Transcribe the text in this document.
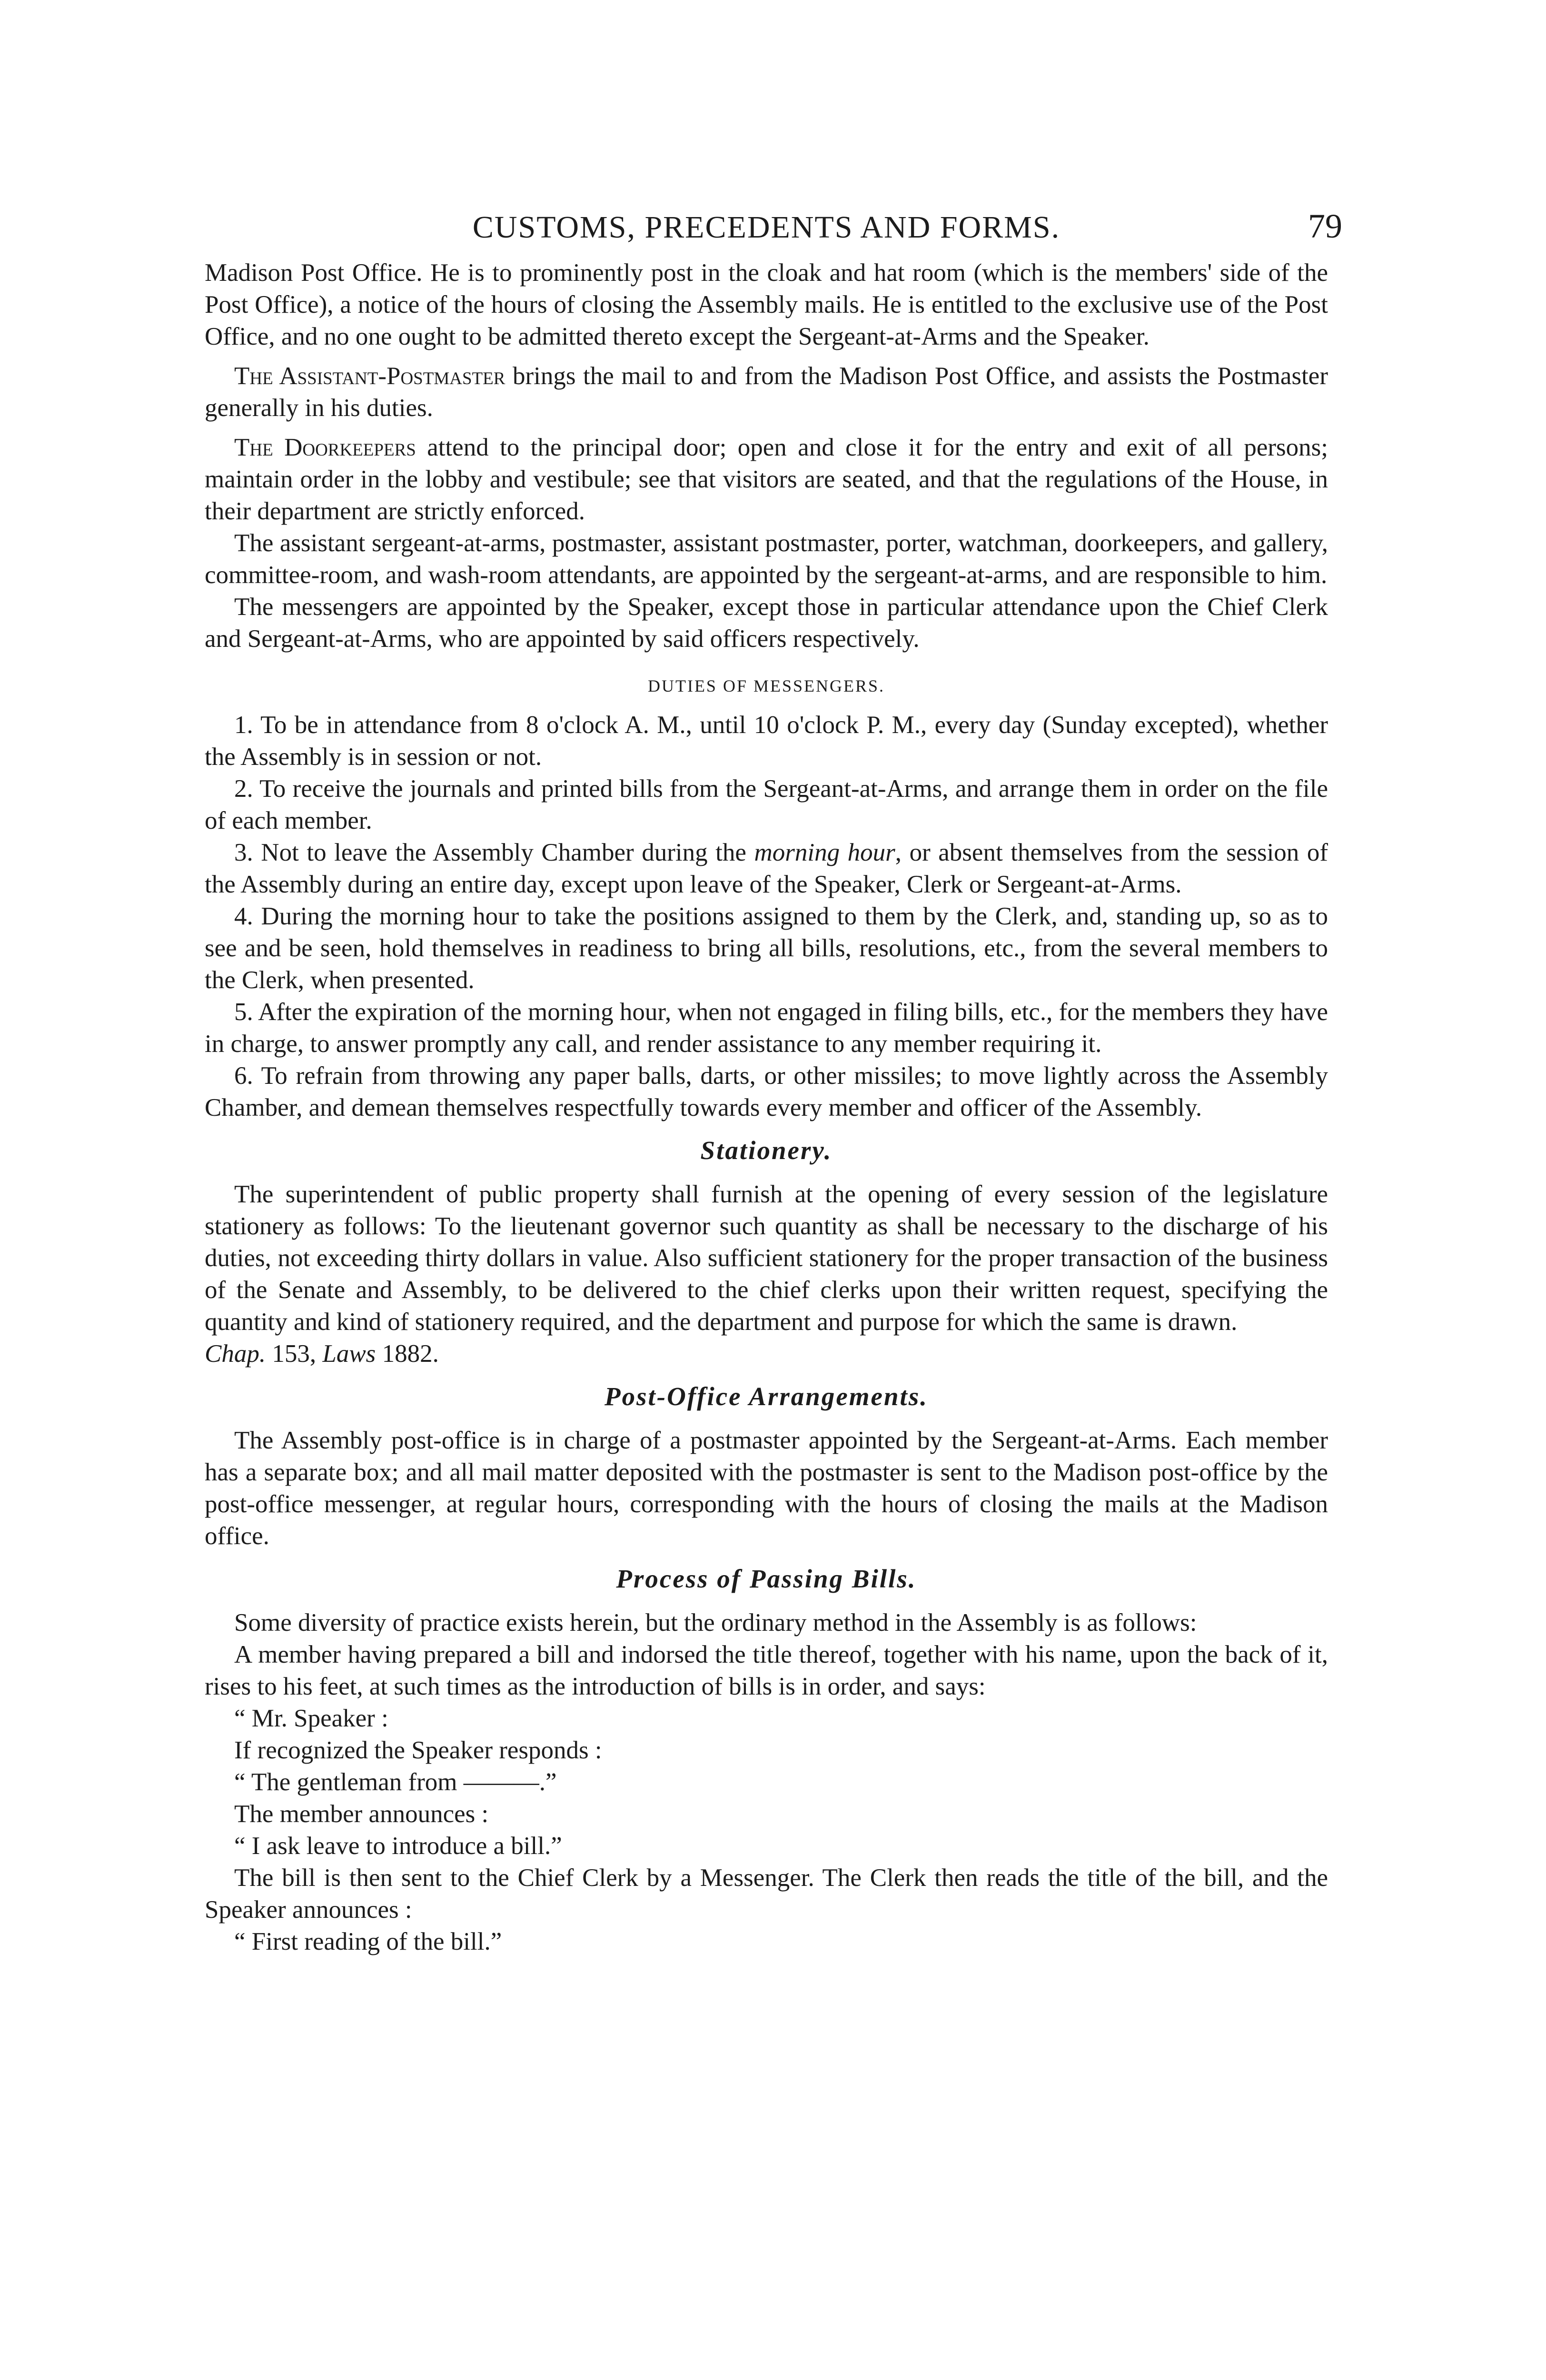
CUSTOMS, PRECEDENTS AND FORMS.	79

Madison Post Office. He is to prominently post in the cloak and hat room (which is the members' side of the Post Office), a notice of the hours of closing the Assembly mails. He is entitled to the exclusive use of the Post Office, and no one ought to be admitted thereto except the Sergeant-at-Arms and the Speaker.

The Assistant-Postmaster brings the mail to and from the Madison Post Office, and assists the Postmaster generally in his duties.

The Doorkeepers attend to the principal door; open and close it for the entry and exit of all persons; maintain order in the lobby and vestibule; see that visitors are seated, and that the regulations of the House, in their department are strictly enforced.

The assistant sergeant-at-arms, postmaster, assistant postmaster, porter, watchman, doorkeepers, and gallery, committee-room, and wash-room attendants, are appointed by the sergeant-at-arms, and are responsible to him.

The messengers are appointed by the Speaker, except those in particular attendance upon the Chief Clerk and Sergeant-at-Arms, who are appointed by said officers respectively.

DUTIES OF MESSENGERS.

1. To be in attendance from 8 o'clock A. M., until 10 o'clock P. M., every day (Sunday excepted), whether the Assembly is in session or not.

2. To receive the journals and printed bills from the Sergeant-at-Arms, and arrange them in order on the file of each member.

3. Not to leave the Assembly Chamber during the morning hour, or absent themselves from the session of the Assembly during an entire day, except upon leave of the Speaker, Clerk or Sergeant-at-Arms.

4. During the morning hour to take the positions assigned to them by the Clerk, and, standing up, so as to see and be seen, hold themselves in readiness to bring all bills, resolutions, etc., from the several members to the Clerk, when presented.

5. After the expiration of the morning hour, when not engaged in filing bills, etc., for the members they have in charge, to answer promptly any call, and render assistance to any member requiring it.

6. To refrain from throwing any paper balls, darts, or other missiles; to move lightly across the Assembly Chamber, and demean themselves respectfully towards every member and officer of the Assembly.

Stationery.

The superintendent of public property shall furnish at the opening of every session of the legislature stationery as follows: To the lieutenant governor such quantity as shall be necessary to the discharge of his duties, not exceeding thirty dollars in value. Also sufficient stationery for the proper transaction of the business of the Senate and Assembly, to be delivered to the chief clerks upon their written request, specifying the quantity and kind of stationery required, and the department and purpose for which the same is drawn.
Chap. 153, Laws 1882.

Post-Office Arrangements.

The Assembly post-office is in charge of a postmaster appointed by the Sergeant-at-Arms. Each member has a separate box; and all mail matter deposited with the postmaster is sent to the Madison post-office by the post-office messenger, at regular hours, corresponding with the hours of closing the mails at the Madison office.

Process of Passing Bills.

Some diversity of practice exists herein, but the ordinary method in the Assembly is as follows:

A member having prepared a bill and indorsed the title thereof, together with his name, upon the back of it, rises to his feet, at such times as the introduction of bills is in order, and says:

“ Mr. Speaker :

If recognized the Speaker responds :

“ The gentleman from ———.”

The member announces :

“ I ask leave to introduce a bill.”

The bill is then sent to the Chief Clerk by a Messenger. The Clerk then reads the title of the bill, and the Speaker announces :

“ First reading of the bill.”
